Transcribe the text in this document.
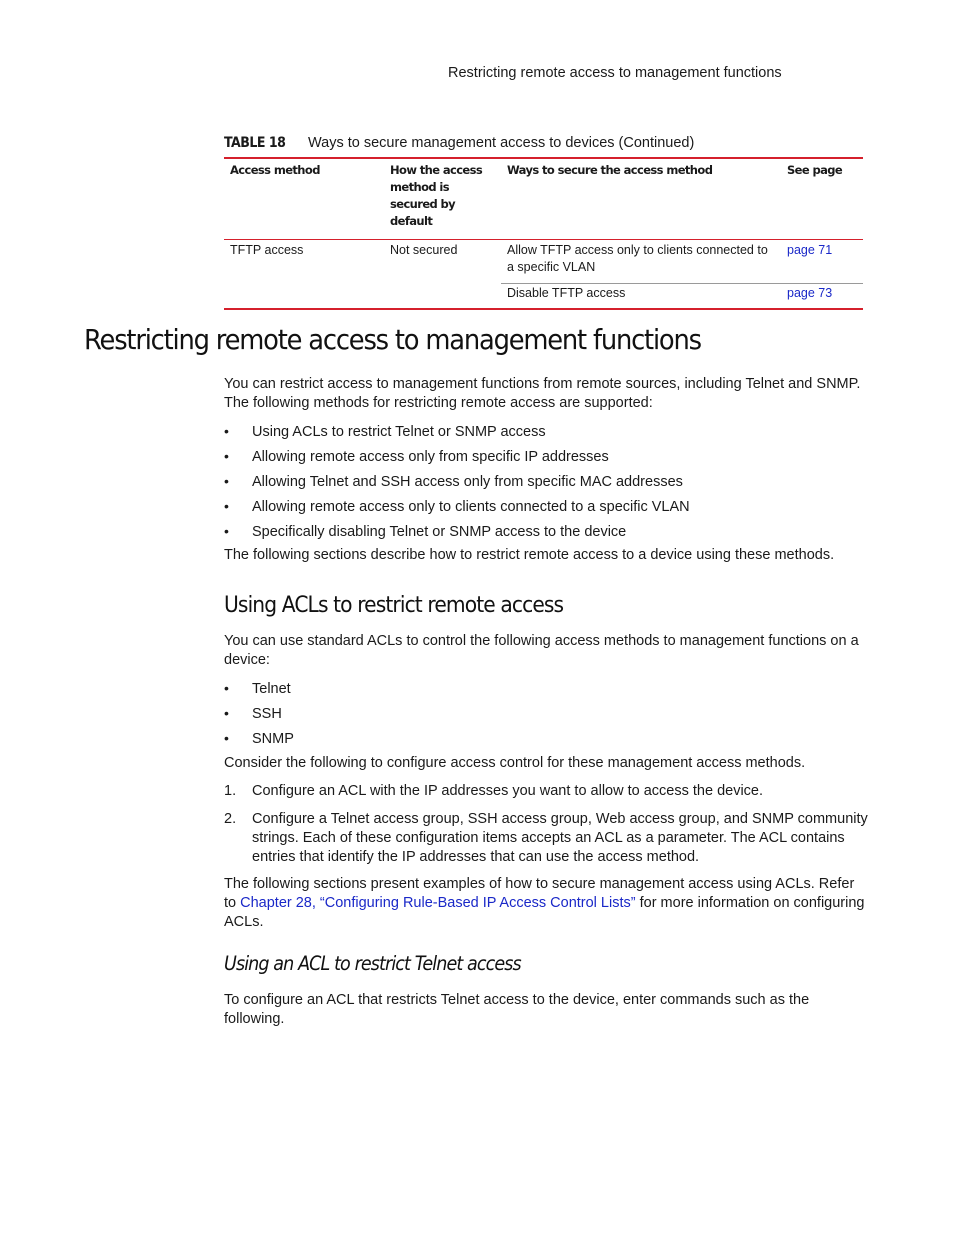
Restricting remote access to management functions
TABLE 18 Ways to secure management access to devices (Continued)
Access method	How the access method is secured by default	Ways to secure the access method	See page
TFTP access	Not secured	Allow TFTP access only to clients connected to a specific VLAN	page 71
		Disable TFTP access	page 73
Restricting remote access to management functions

You can restrict access to management functions from remote sources, including Telnet and SNMP. The following methods for restricting remote access are supported:

• Using ACLs to restrict Telnet or SNMP access
• Allowing remote access only from specific IP addresses
• Allowing Telnet and SSH access only from specific MAC addresses
• Allowing remote access only to clients connected to a specific VLAN
• Specifically disabling Telnet or SNMP access to the device

The following sections describe how to restrict remote access to a device using these methods.

Using ACLs to restrict remote access

You can use standard ACLs to control the following access methods to management functions on a device:

• Telnet
• SSH
• SNMP

Consider the following to configure access control for these management access methods.

1. Configure an ACL with the IP addresses you want to allow to access the device.
2. Configure a Telnet access group, SSH access group, Web access group, and SNMP community strings. Each of these configuration items accepts an ACL as a parameter. The ACL contains entries that identify the IP addresses that can use the access method.

The following sections present examples of how to secure management access using ACLs. Refer to Chapter 28, “Configuring Rule-Based IP Access Control Lists” for more information on configuring ACLs.

Using an ACL to restrict Telnet access

To configure an ACL that restricts Telnet access to the device, enter commands such as the following.
